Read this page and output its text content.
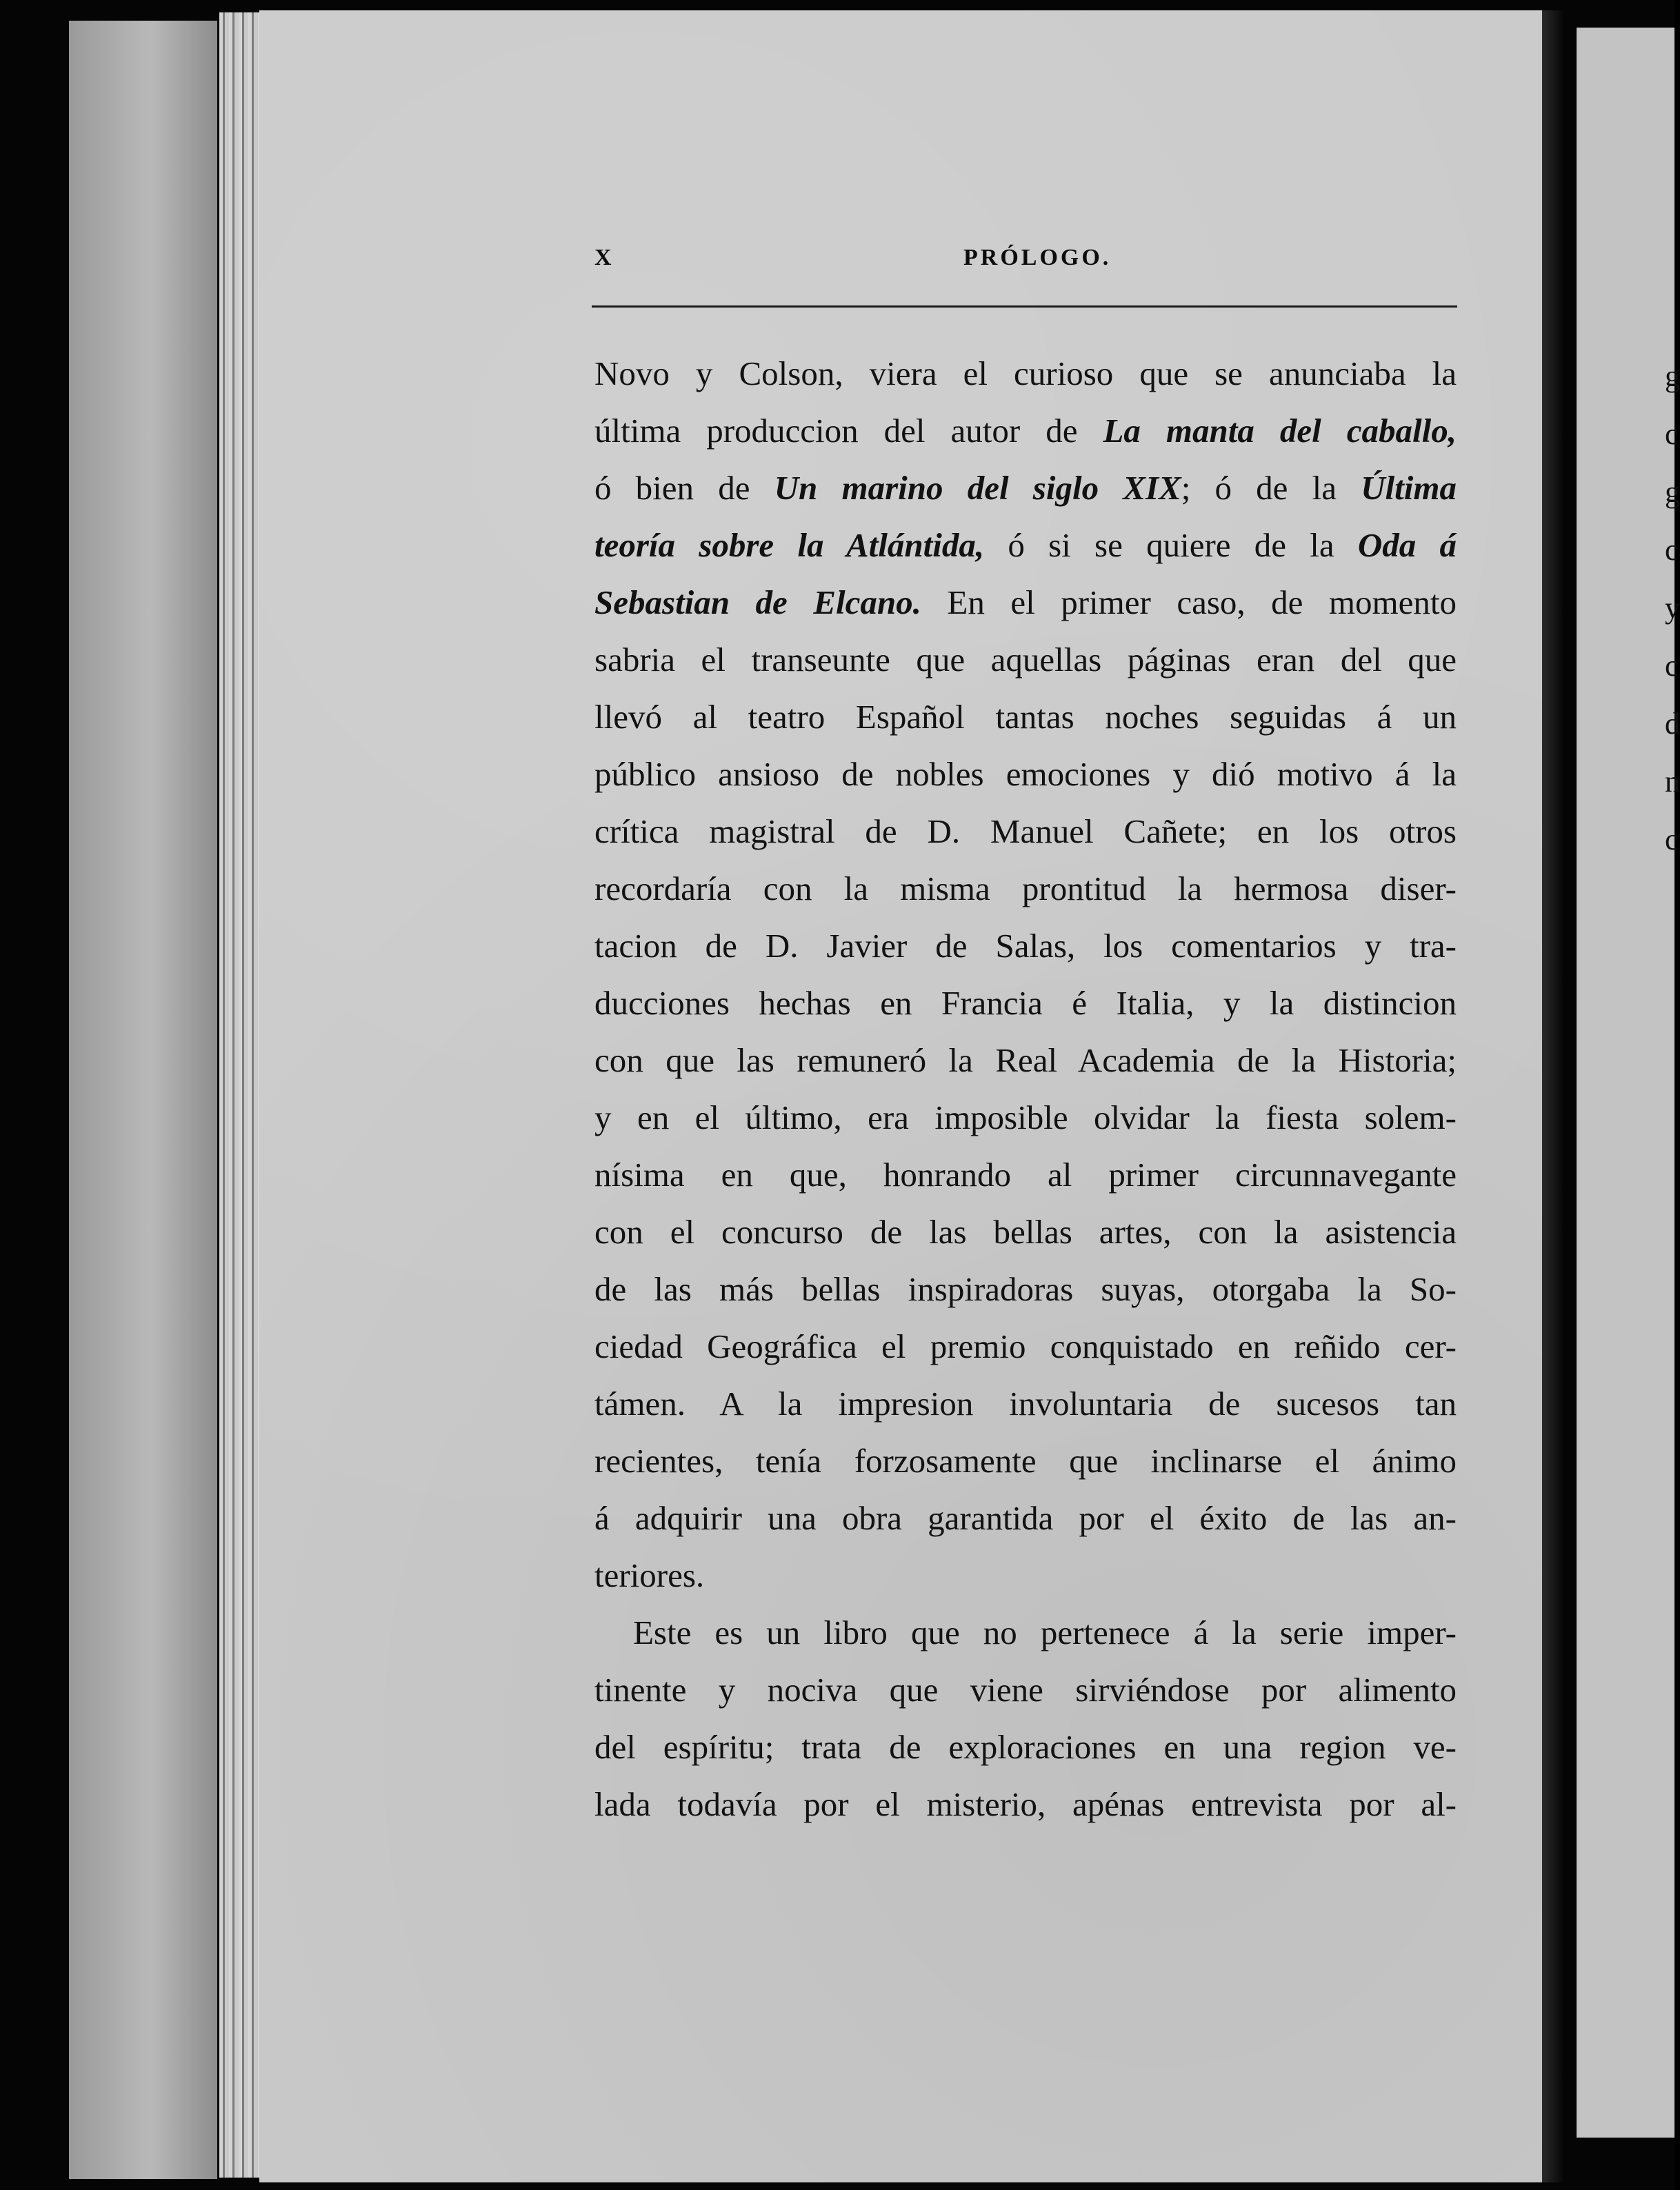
g
c
g
c
y
c
d
n
c
X	PRÓLOGO.
Novo y Colson, viera el curioso que se anunciaba la
última produccion del autor de La manta del caballo,
ó bien de Un marino del siglo XIX; ó de la Última
teoría sobre la Atlántida, ó si se quiere de la Oda á
Sebastian de Elcano. En el primer caso, de momento
sabria el transeunte que aquellas páginas eran del que
llevó al teatro Español tantas noches seguidas á un
público ansioso de nobles emociones y dió motivo á la
crítica magistral de D. Manuel Cañete; en los otros
recordaría con la misma prontitud la hermosa diser-
tacion de D. Javier de Salas, los comentarios y tra-
ducciones hechas en Francia é Italia, y la distincion
con que las remuneró la Real Academia de la Historia;
y en el último, era imposible olvidar la fiesta solem-
nísima en que, honrando al primer circunnavegante
con el concurso de las bellas artes, con la asistencia
de las más bellas inspiradoras suyas, otorgaba la So-
ciedad Geográfica el premio conquistado en reñido cer-
támen. A la impresion involuntaria de sucesos tan
recientes, tenía forzosamente que inclinarse el ánimo
á adquirir una obra garantida por el éxito de las an-
teriores.
Este es un libro que no pertenece á la serie imper-
tinente y nociva que viene sirviéndose por alimento
del espíritu; trata de exploraciones en una region ve-
lada todavía por el misterio, apénas entrevista por al-
